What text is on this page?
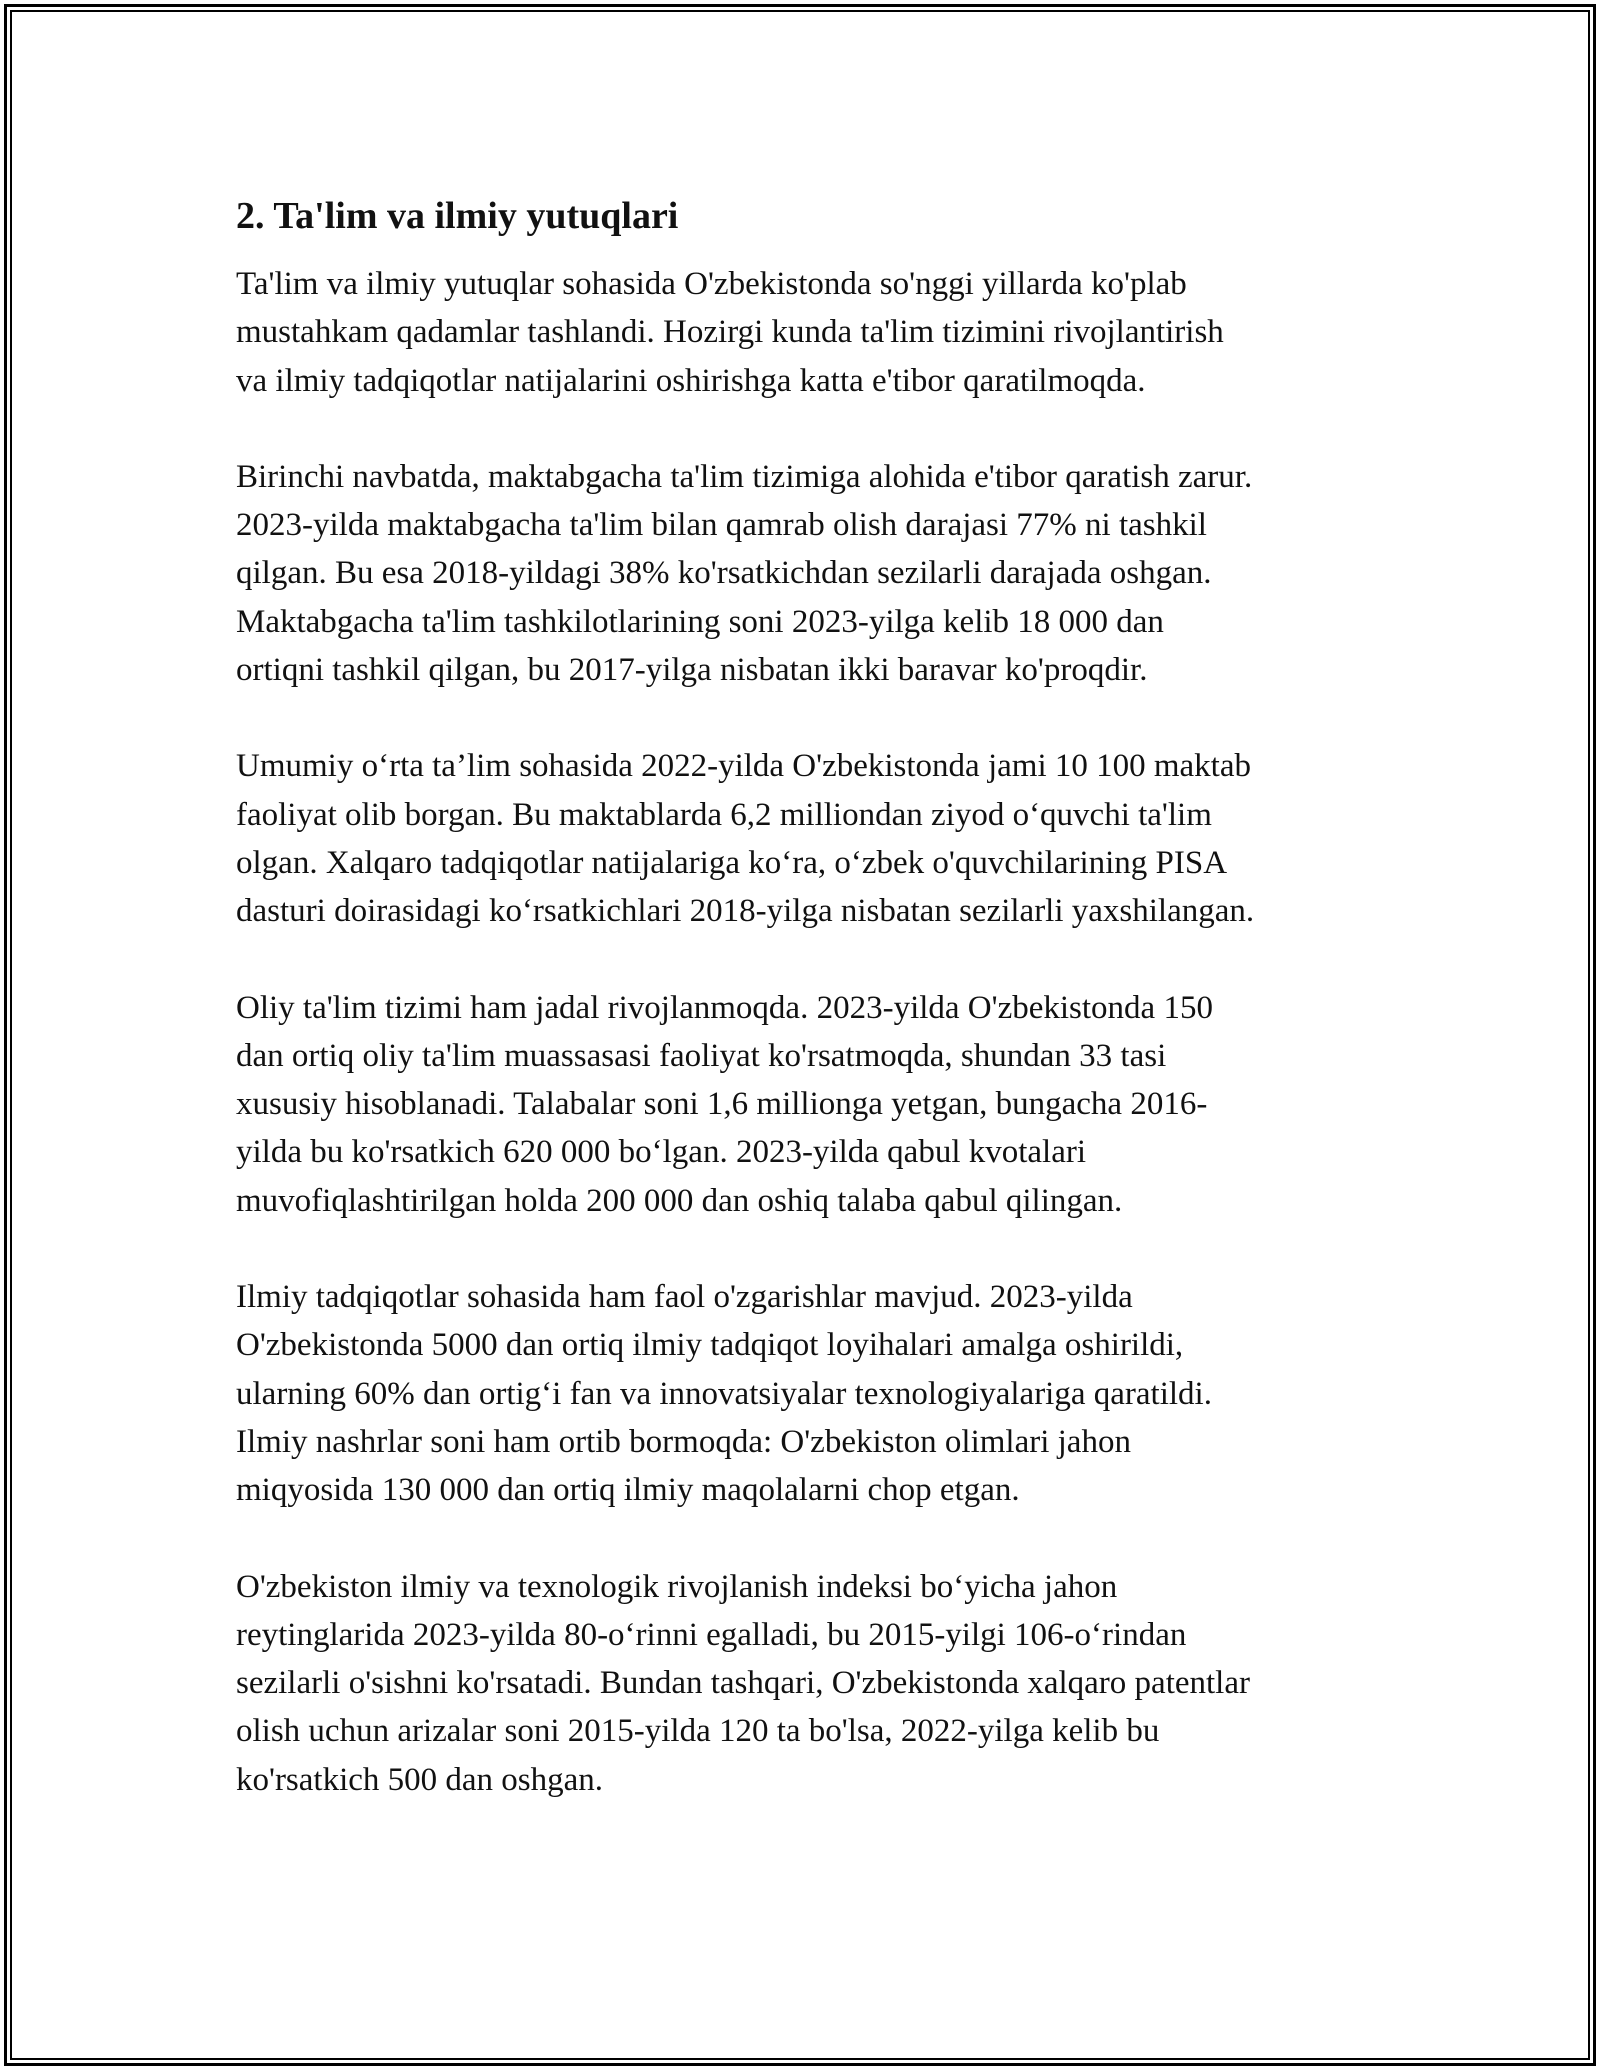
2. Ta'lim va ilmiy yutuqlari

Ta'lim va ilmiy yutuqlar sohasida O'zbekistonda so'nggi yillarda ko'plab
mustahkam qadamlar tashlandi. Hozirgi kunda ta'lim tizimini rivojlantirish
va ilmiy tadqiqotlar natijalarini oshirishga katta e'tibor qaratilmoqda.

Birinchi navbatda, maktabgacha ta'lim tizimiga alohida e'tibor qaratish zarur.
2023-yilda maktabgacha ta'lim bilan qamrab olish darajasi 77% ni tashkil
qilgan. Bu esa 2018-yildagi 38% ko'rsatkichdan sezilarli darajada oshgan.
Maktabgacha ta'lim tashkilotlarining soni 2023-yilga kelib 18 000 dan
ortiqni tashkil qilgan, bu 2017-yilga nisbatan ikki baravar ko'proqdir.

Umumiy o‘rta ta’lim sohasida 2022-yilda O'zbekistonda jami 10 100 maktab
faoliyat olib borgan. Bu maktablarda 6,2 milliondan ziyod o‘quvchi ta'lim
olgan. Xalqaro tadqiqotlar natijalariga ko‘ra, o‘zbek o'quvchilarining PISA
dasturi doirasidagi ko‘rsatkichlari 2018-yilga nisbatan sezilarli yaxshilangan.

Oliy ta'lim tizimi ham jadal rivojlanmoqda. 2023-yilda O'zbekistonda 150
dan ortiq oliy ta'lim muassasasi faoliyat ko'rsatmoqda, shundan 33 tasi
xususiy hisoblanadi. Talabalar soni 1,6 millionga yetgan, bungacha 2016-
yilda bu ko'rsatkich 620 000 bo‘lgan. 2023-yilda qabul kvotalari
muvofiqlashtirilgan holda 200 000 dan oshiq talaba qabul qilingan.

Ilmiy tadqiqotlar sohasida ham faol o'zgarishlar mavjud. 2023-yilda
O'zbekistonda 5000 dan ortiq ilmiy tadqiqot loyihalari amalga oshirildi,
ularning 60% dan ortig‘i fan va innovatsiyalar texnologiyalariga qaratildi.
Ilmiy nashrlar soni ham ortib bormoqda: O'zbekiston olimlari jahon
miqyosida 130 000 dan ortiq ilmiy maqolalarni chop etgan.

O'zbekiston ilmiy va texnologik rivojlanish indeksi bo‘yicha jahon
reytinglarida 2023-yilda 80-o‘rinni egalladi, bu 2015-yilgi 106-o‘rindan
sezilarli o'sishni ko'rsatadi. Bundan tashqari, O'zbekistonda xalqaro patentlar
olish uchun arizalar soni 2015-yilda 120 ta bo'lsa, 2022-yilga kelib bu
ko'rsatkich 500 dan oshgan.
